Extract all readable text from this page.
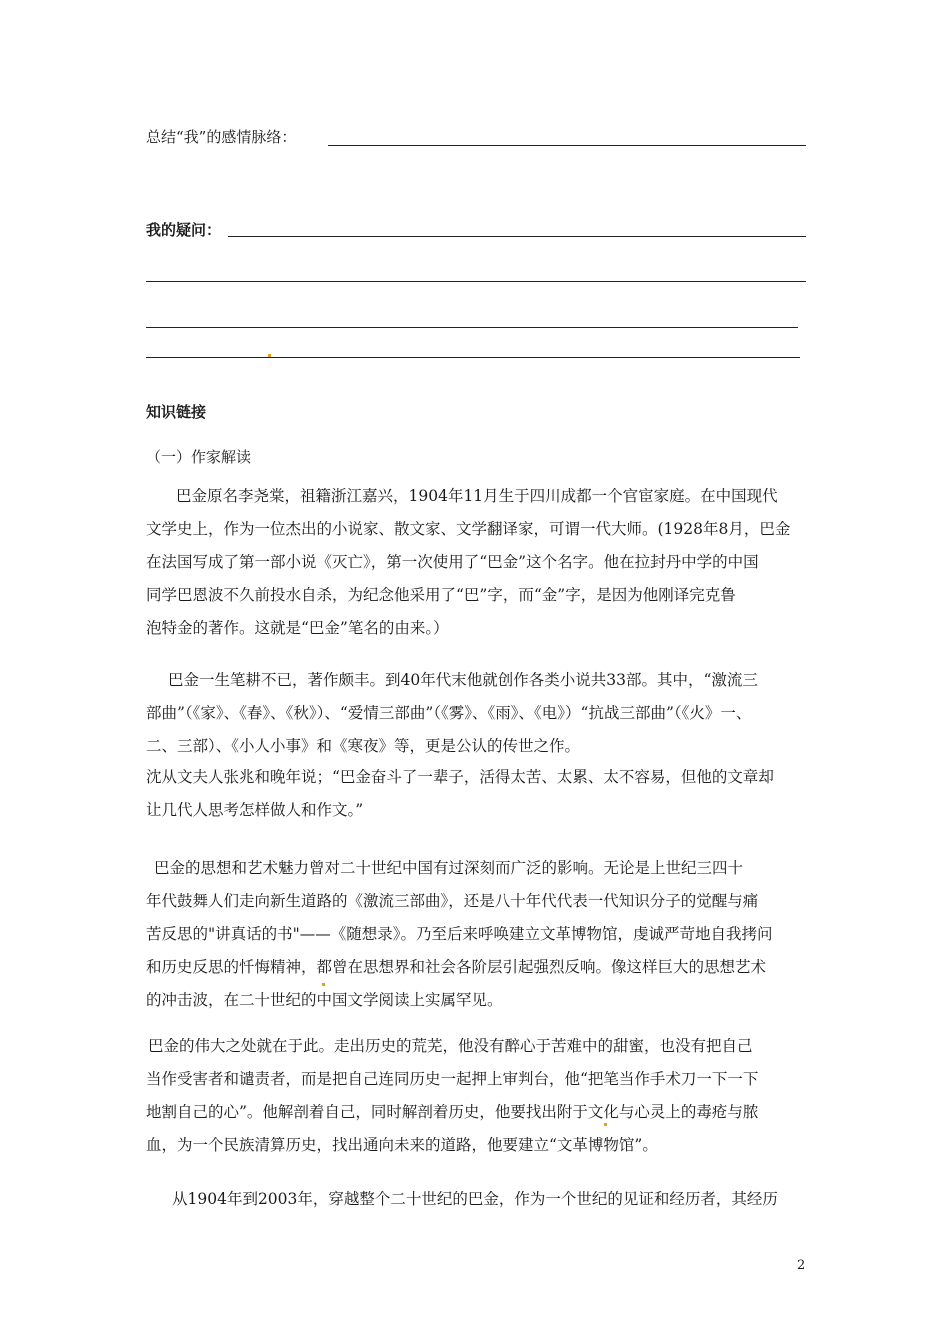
总结“我”的感情脉络：
我的疑问：
知识链接
（一）作家解读

巴金原名李尧棠，祖籍浙江嘉兴，1904年11月生于四川成都一个官宦家庭。在中国现代

文学史上，作为一位杰出的小说家、散文家、文学翻译家，可谓一代大师。(1928年8月，巴金

在法国写成了第一部小说《灭亡》，第一次使用了“巴金”这个名字。他在拉封丹中学的中国

同学巴恩波不久前投水自杀，为纪念他采用了“巴”字，而“金”字，是因为他刚译完克鲁

泡特金的著作。这就是“巴金”笔名的由来。）

巴金一生笔耕不已，著作颇丰。到40年代末他就创作各类小说共33部。其中，“激流三

部曲”（《家》、《春》、《秋》）、“爱情三部曲”（《雾》、《雨》、《电》）“抗战三部曲”（《火》一、

二、三部）、《小人小事》和《寒夜》等，更是公认的传世之作。

沈从文夫人张兆和晚年说；“巴金奋斗了一辈子，活得太苦、太累、太不容易，但他的文章却

让几代人思考怎样做人和作文。”

巴金的思想和艺术魅力曾对二十世纪中国有过深刻而广泛的影响。无论是上世纪三四十

年代鼓舞人们走向新生道路的《激流三部曲》，还是八十年代代表一代知识分子的觉醒与痛

苦反思的"讲真话的书"——《随想录》。乃至后来呼唤建立文革博物馆，虔诚严苛地自我拷问

和历史反思的忏悔精神，都曾在思想界和社会各阶层引起强烈反响。像这样巨大的思想艺术

的冲击波，在二十世纪的中国文学阅读上实属罕见。

巴金的伟大之处就在于此。走出历史的荒芜，他没有醉心于苦难中的甜蜜，也没有把自己

当作受害者和谴责者，而是把自己连同历史一起押上审判台，他“把笔当作手术刀一下一下

地割自己的心”。他解剖着自己，同时解剖着历史，他要找出附于文化与心灵上的毒疮与脓

血，为一个民族清算历史，找出通向未来的道路，他要建立“文革博物馆”。

从1904年到2003年，穿越整个二十世纪的巴金，作为一个世纪的见证和经历者，其经历

2
